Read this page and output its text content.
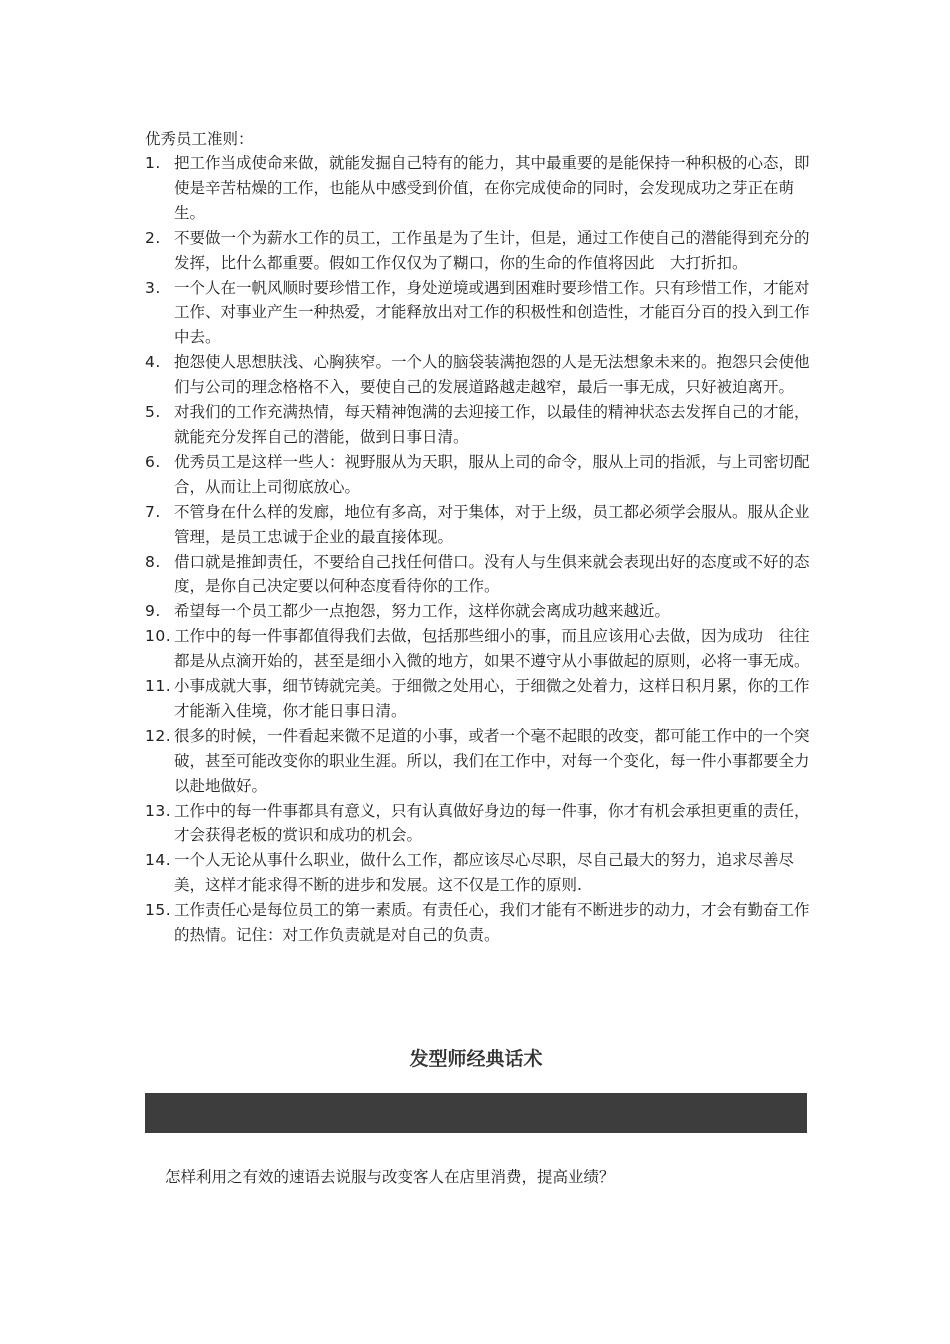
优秀员工准则：
1. 把工作当成使命来做，就能发掘自己特有的能力，其中最重要的是能保持一种积极的心态，即使是辛苦枯燥的工作，也能从中感受到价值，在你完成使命的同时，会发现成功之芽正在萌生。
2. 不要做一个为薪水工作的员工，工作虽是为了生计，但是，通过工作使自己的潜能得到充分的发挥，比什么都重要。假如工作仅仅为了糊口，你的生命的作值将因此　大打折扣。
3. 一个人在一帆风顺时要珍惜工作，身处逆境或遇到困难时要珍惜工作。只有珍惜工作，才能对工作、对事业产生一种热爱，才能释放出对工作的积极性和创造性，才能百分百的投入到工作中去。
4. 抱怨使人思想肤浅、心胸狭窄。一个人的脑袋装满抱怨的人是无法想象未来的。抱怨只会使他们与公司的理念格格不入，要使自己的发展道路越走越窄，最后一事无成，只好被迫离开。
5. 对我们的工作充满热情，每天精神饱满的去迎接工作，以最佳的精神状态去发挥自己的才能，就能充分发挥自己的潜能，做到日事日清。
6. 优秀员工是这样一些人：视野服从为天职，服从上司的命令，服从上司的指派，与上司密切配合，从而让上司彻底放心。
7. 不管身在什么样的发廊，地位有多高，对于集体，对于上级，员工都必须学会服从。服从企业管理，是员工忠诚于企业的最直接体现。
8. 借口就是推卸责任，不要给自己找任何借口。没有人与生俱来就会表现出好的态度或不好的态度，是你自己决定要以何种态度看待你的工作。
9. 希望每一个员工都少一点抱怨，努力工作，这样你就会离成功越来越近。
10. 工作中的每一件事都值得我们去做，包括那些细小的事，而且应该用心去做，因为成功　往往都是从点滴开始的，甚至是细小入微的地方，如果不遵守从小事做起的原则，必将一事无成。
11. 小事成就大事，细节铸就完美。于细微之处用心，于细微之处着力，这样日积月累，你的工作才能渐入佳境，你才能日事日清。
12. 很多的时候，一件看起来微不足道的小事，或者一个毫不起眼的改变，都可能工作中的一个突破，甚至可能改变你的职业生涯。所以，我们在工作中，对每一个变化，每一件小事都要全力以赴地做好。
13. 工作中的每一件事都具有意义，只有认真做好身边的每一件事，你才有机会承担更重的责任，才会获得老板的赏识和成功的机会。
14. 一个人无论从事什么职业，做什么工作，都应该尽心尽职，尽自己最大的努力，追求尽善尽美，这样才能求得不断的进步和发展。这不仅是工作的原则.
15. 工作责任心是每位员工的第一素质。有责任心，我们才能有不断进步的动力，才会有勤奋工作的热情。记住：对工作负责就是对自己的负责。
发型师经典话术
怎样利用之有效的速语去说服与改变客人在店里消费，提高业绩？
